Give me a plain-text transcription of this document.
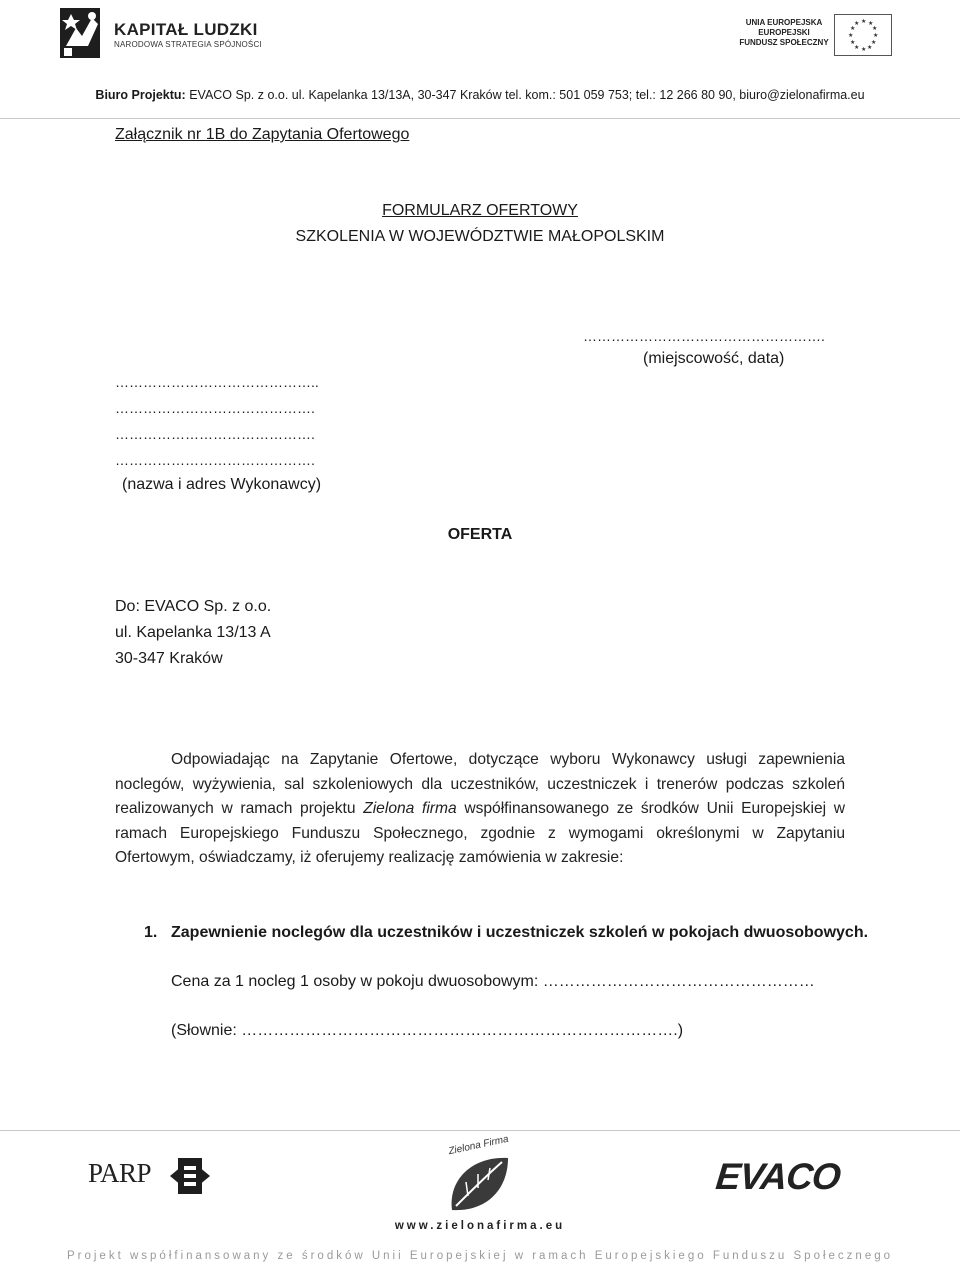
KAPITAŁ LUDZKI
NARODOWA STRATEGIA SPÓJNOŚCI
UNIA EUROPEJSKA
EUROPEJSKI
FUNDUSZ SPOŁECZNY
★ ★
★
★
★
★
★
★
★
★
★
★
Biuro Projektu: EVACO Sp. z o.o. ul. Kapelanka 13/13A, 30-347 Kraków tel. kom.: 501 059 753; tel.: 12 266 80 90, biuro@zielonafirma.eu
Załącznik nr 1B do Zapytania Ofertowego
FORMULARZ OFERTOWY
SZKOLENIA W WOJEWÓDZTWIE MAŁOPOLSKIM
…………………………………………….
(miejscowość, data)
……………………………………..
…………………………………….
…………………………………….
…………………………………….
(nazwa i adres Wykonawcy)
OFERTA
Do: EVACO Sp. z o.o.
ul. Kapelanka 13/13 A
30-347 Kraków
Odpowiadając na Zapytanie Ofertowe, dotyczące wyboru Wykonawcy usługi zapewnienia noclegów, wyżywienia, sal szkoleniowych dla uczestników, uczestniczek i trenerów podczas szkoleń realizowanych w ramach projektu Zielona firma współfinansowanego ze środków Unii Europejskiej w ramach Europejskiego Funduszu Społecznego, zgodnie z wymogami określonymi w Zapytaniu Ofertowym, oświadczamy, iż oferujemy realizację zamówienia w zakresie:
1. Zapewnienie noclegów dla uczestników i uczestniczek szkoleń w pokojach dwuosobowych.
Cena za 1 nocleg 1 osoby w pokoju dwuosobowym: ……………………………………………
(Słownie: ……………………………………………………………………….)
PARP
Zielona Firma
www.zielonafirma.eu
EVACO
Projekt współfinansowany ze środków Unii Europejskiej w ramach Europejskiego Funduszu Społecznego
